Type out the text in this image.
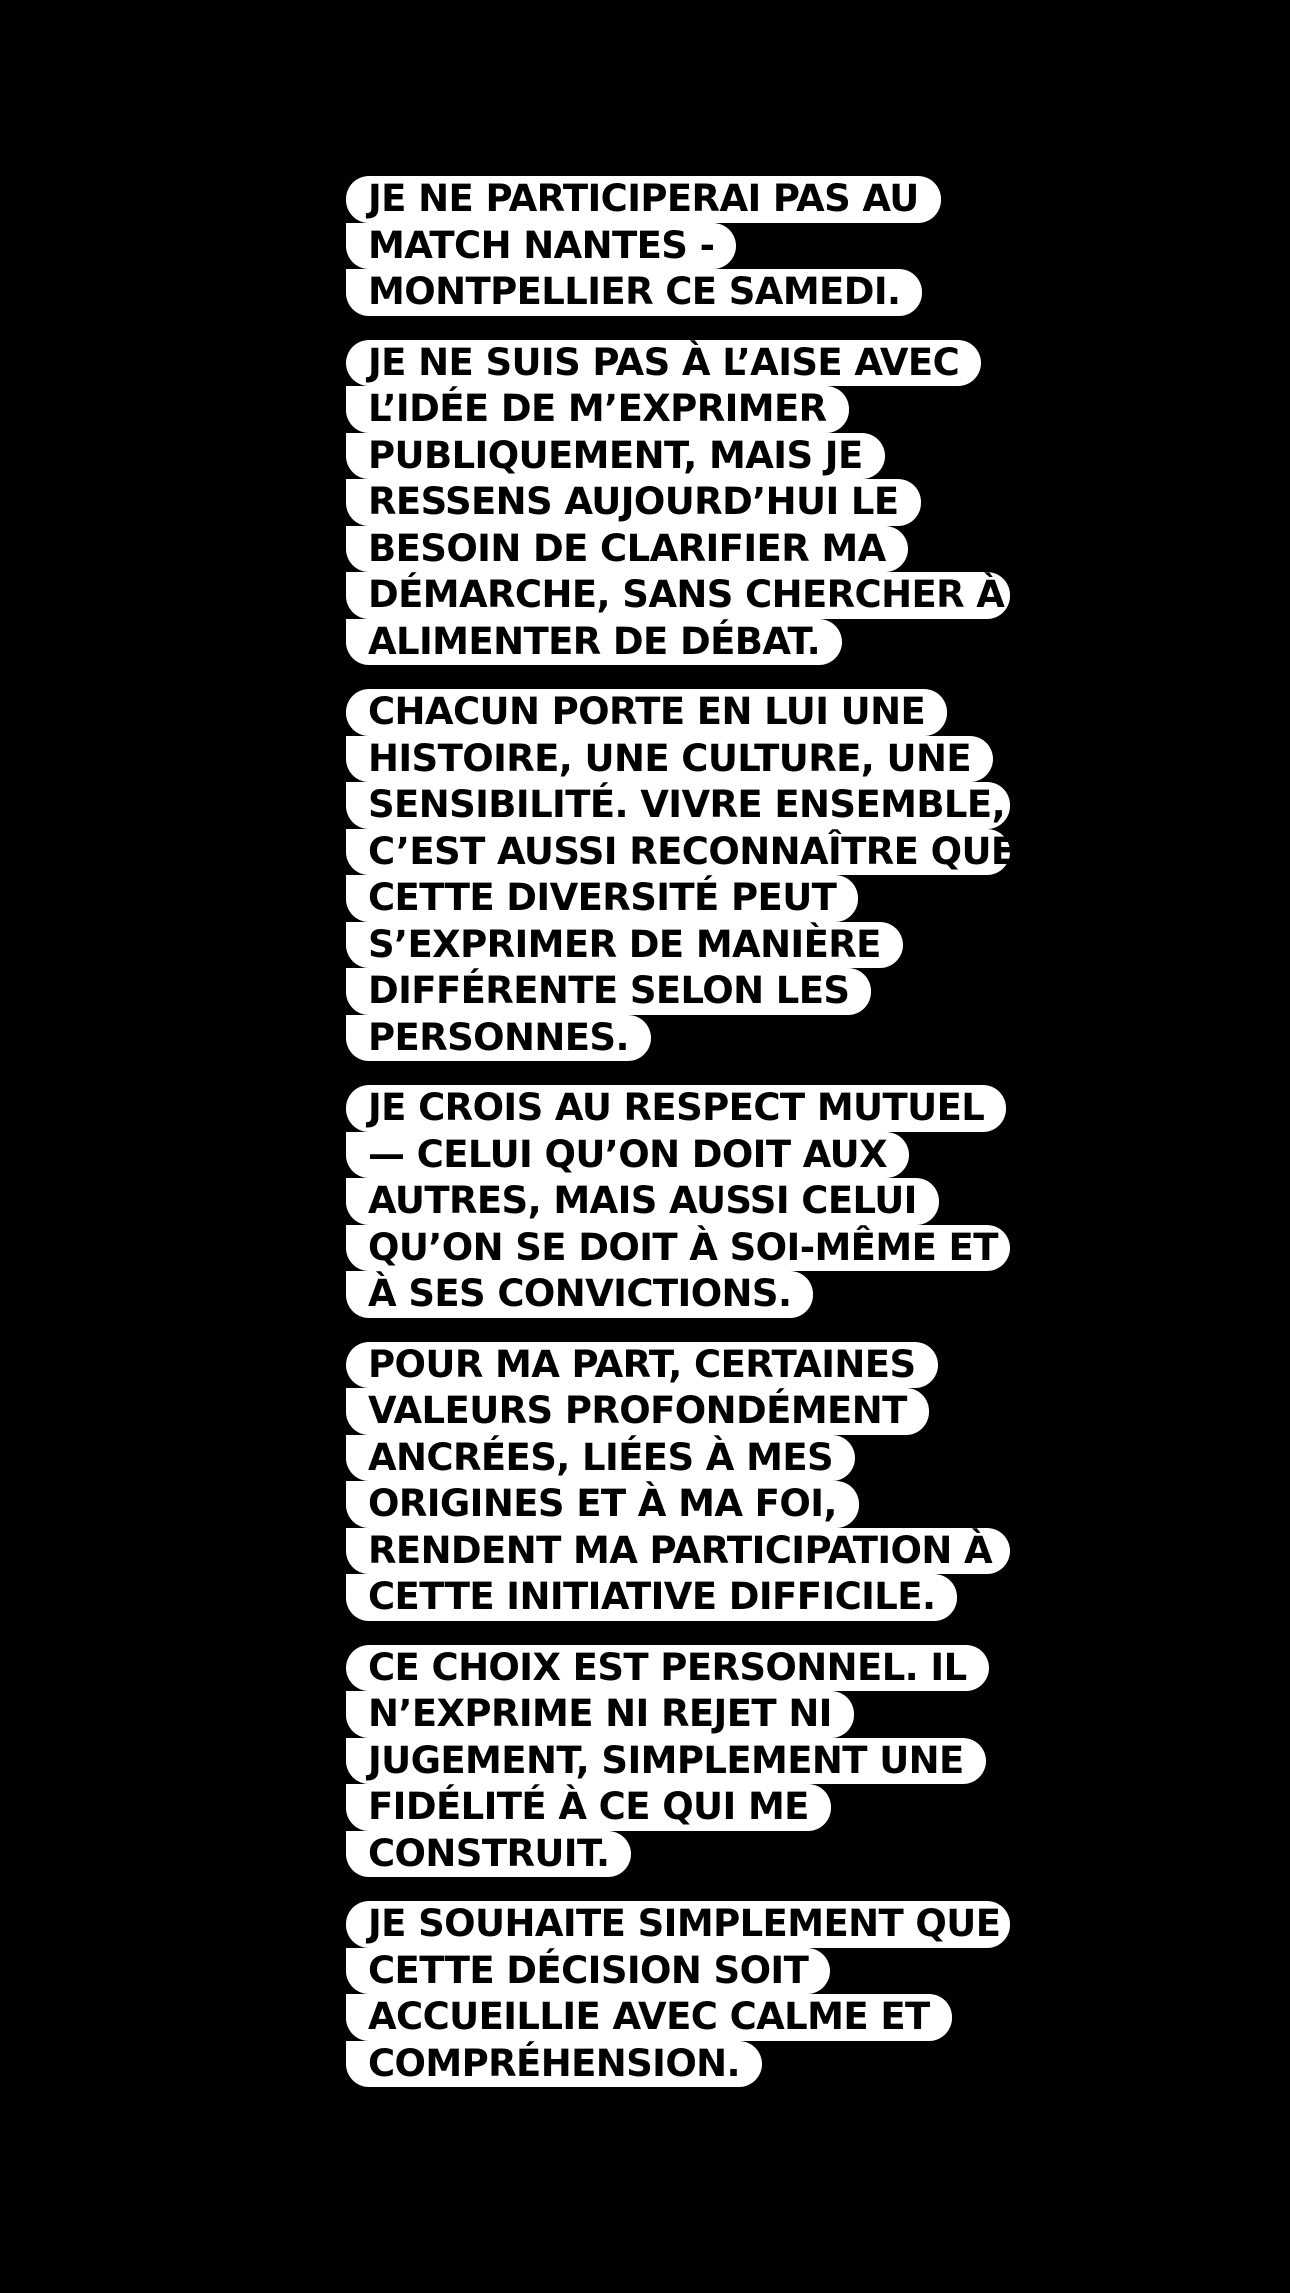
JE NE PARTICIPERAI PAS AU
MATCH NANTES -
MONTPELLIER CE SAMEDI.

JE NE SUIS PAS À L’AISE AVEC
L’IDÉE DE M’EXPRIMER
PUBLIQUEMENT, MAIS JE
RESSENS AUJOURD’HUI LE
BESOIN DE CLARIFIER MA
DÉMARCHE, SANS CHERCHER À
ALIMENTER DE DÉBAT.

CHACUN PORTE EN LUI UNE
HISTOIRE, UNE CULTURE, UNE
SENSIBILITÉ. VIVRE ENSEMBLE,
C’EST AUSSI RECONNAÎTRE QUE
CETTE DIVERSITÉ PEUT
S’EXPRIMER DE MANIÈRE
DIFFÉRENTE SELON LES
PERSONNES.

JE CROIS AU RESPECT MUTUEL
— CELUI QU’ON DOIT AUX
AUTRES, MAIS AUSSI CELUI
QU’ON SE DOIT À SOI-MÊME ET
À SES CONVICTIONS.

POUR MA PART, CERTAINES
VALEURS PROFONDÉMENT
ANCRÉES, LIÉES À MES
ORIGINES ET À MA FOI,
RENDENT MA PARTICIPATION À
CETTE INITIATIVE DIFFICILE.

CE CHOIX EST PERSONNEL. IL
N’EXPRIME NI REJET NI
JUGEMENT, SIMPLEMENT UNE
FIDÉLITÉ À CE QUI ME
CONSTRUIT.

JE SOUHAITE SIMPLEMENT QUE
CETTE DÉCISION SOIT
ACCUEILLIE AVEC CALME ET
COMPRÉHENSION.
